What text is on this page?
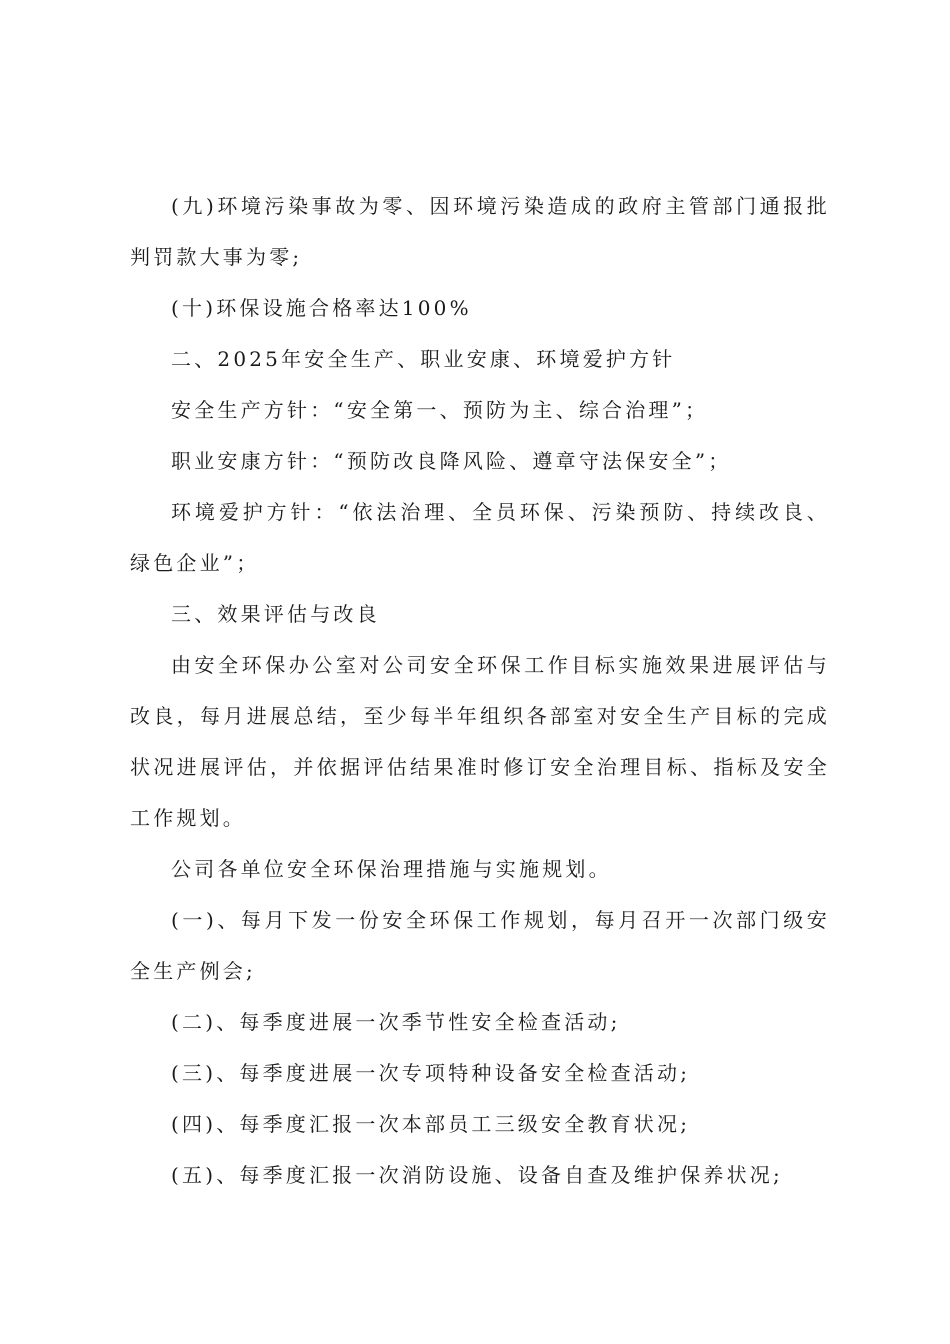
(九)环境污染事故为零、因环境污染造成的政府主管部门通报批判罚款大事为零;

(十)环保设施合格率达100%

二、2025年安全生产、职业安康、环境爱护方针

安全生产方针：“安全第一、预防为主、综合治理”；

职业安康方针：“预防改良降风险、遵章守法保安全”；

环境爱护方针：“依法治理、全员环保、污染预防、持续改良、绿色企业”；

三、效果评估与改良

由安全环保办公室对公司安全环保工作目标实施效果进展评估与改良，每月进展总结，至少每半年组织各部室对安全生产目标的完成状况进展评估，并依据评估结果准时修订安全治理目标、指标及安全工作规划。

公司各单位安全环保治理措施与实施规划。

(一)、每月下发一份安全环保工作规划，每月召开一次部门级安全生产例会;

(二)、每季度进展一次季节性安全检查活动;

(三)、每季度进展一次专项特种设备安全检查活动;

(四)、每季度汇报一次本部员工三级安全教育状况;

(五)、每季度汇报一次消防设施、设备自查及维护保养状况;
